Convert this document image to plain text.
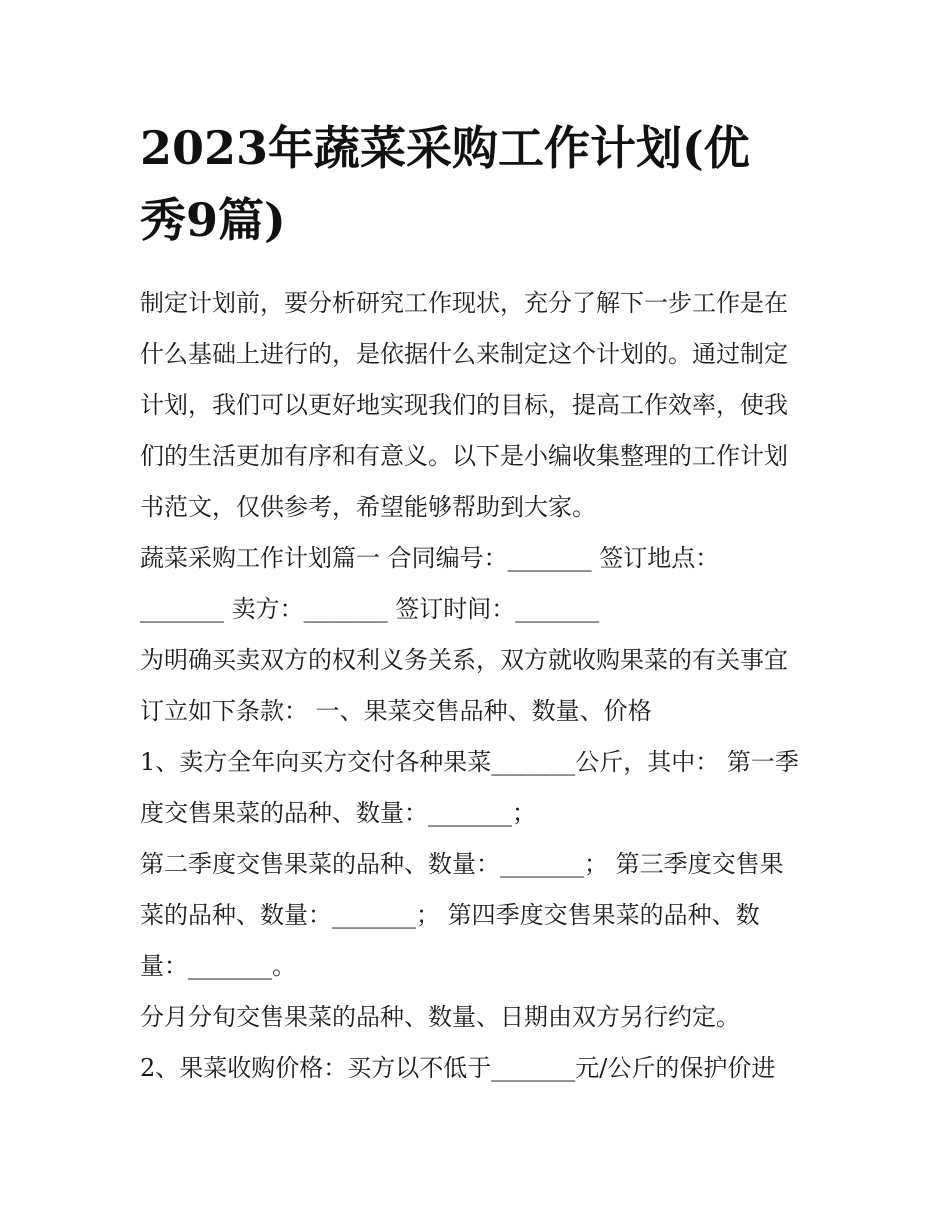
2023年蔬菜采购工作计划(优
秀9篇)
制定计划前，要分析研究工作现状，充分了解下一步工作是在
什么基础上进行的，是依据什么来制定这个计划的。通过制定
计划，我们可以更好地实现我们的目标，提高工作效率，使我
们的生活更加有序和有意义。以下是小编收集整理的工作计划
书范文，仅供参考，希望能够帮助到大家。
蔬菜采购工作计划篇一 合同编号：_______ 签订地点：
_______ 卖方：_______ 签订时间：_______
为明确买卖双方的权利义务关系，双方就收购果菜的有关事宜
订立如下条款： 一、果菜交售品种、数量、价格
1、卖方全年向买方交付各种果菜_______公斤，其中： 第一季
度交售果菜的品种、数量：_______；
第二季度交售果菜的品种、数量：_______； 第三季度交售果
菜的品种、数量：_______； 第四季度交售果菜的品种、数
量：_______。
分月分旬交售果菜的品种、数量、日期由双方另行约定。
2、果菜收购价格：买方以不低于_______元/公斤的保护价进
